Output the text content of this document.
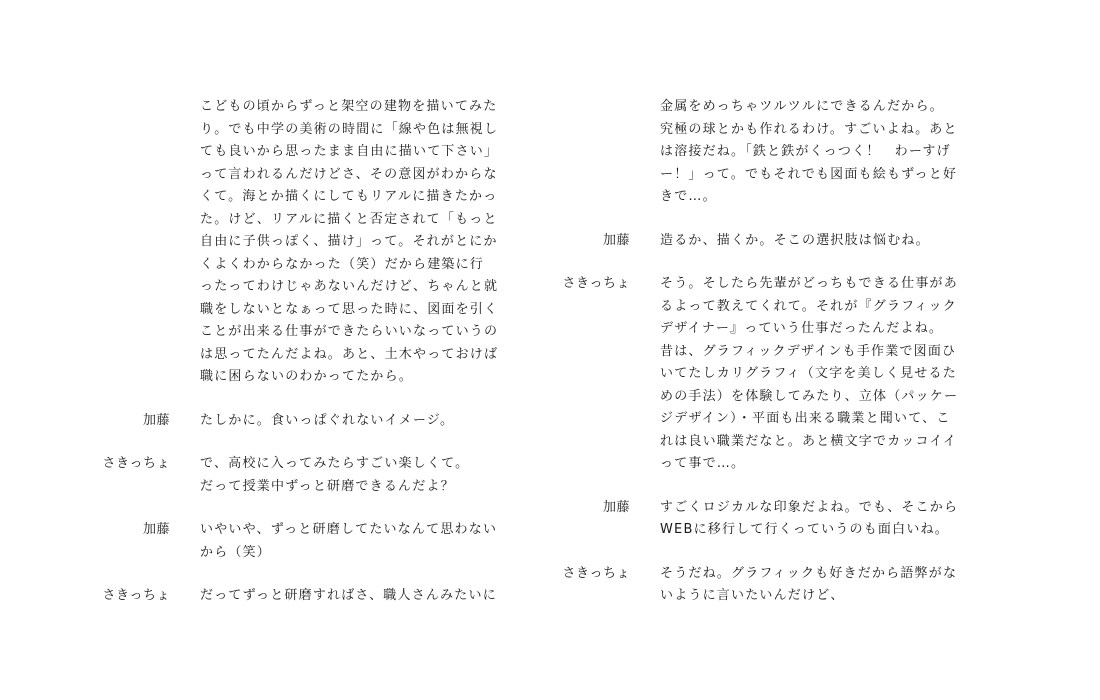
こどもの頃からずっと架空の建物を描いてみた
り。でも中学の美術の時間に「線や色は無視し
ても良いから思ったまま自由に描いて下さい」
って言われるんだけどさ、その意図がわからな
くて。海とか描くにしてもリアルに描きたかっ
た。けど、リアルに描くと否定されて「もっと
自由に子供っぽく、描け」って。それがとにか
くよくわからなかった（笑）だから建築に行
ったってわけじゃあないんだけど、ちゃんと就
職をしないとなぁって思った時に、図面を引く
ことが出来る仕事ができたらいいなっていうの
は思ってたんだよね。あと、土木やっておけば
職に困らないのわかってたから。
加藤 たしかに。食いっぱぐれないイメージ。
さきっちょ で、高校に入ってみたらすごい楽しくて。
だって授業中ずっと研磨できるんだよ？
加藤 いやいや、ずっと研磨してたいなんて思わない
から（笑）
さきっちょ だってずっと研磨すればさ、職人さんみたいに
金属をめっちゃツルツルにできるんだから。
究極の球とかも作れるわけ。すごいよね。あと
は溶接だね。「鉄と鉄がくっつく！　わーすげ
ー！」って。でもそれでも図面も絵もずっと好
きで…。
加藤 造るか、描くか。そこの選択肢は悩むね。
さきっちょ そう。そしたら先輩がどっちもできる仕事があ
るよって教えてくれて。それが『グラフィック
デザイナー』っていう仕事だったんだよね。
昔は、グラフィックデザインも手作業で図面ひ
いてたしカリグラフィ（文字を美しく見せるた
めの手法）を体験してみたり、立体（パッケー
ジデザイン）・平面も出来る職業と聞いて、こ
れは良い職業だなと。あと横文字でカッコイイ
って事で…。
加藤 すごくロジカルな印象だよね。でも、そこから
WEBに移行して行くっていうのも面白いね。
さきっちょ そうだね。グラフィックも好きだから語弊がな
いように言いたいんだけど、
